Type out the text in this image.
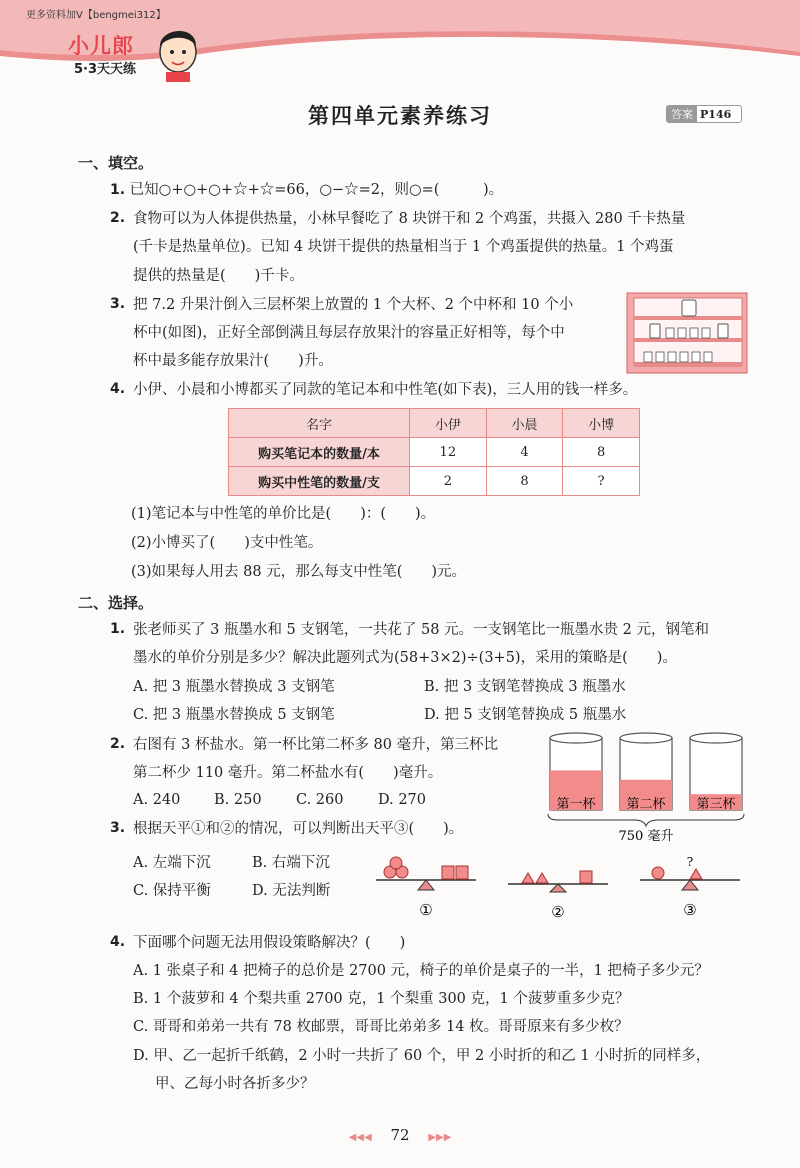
更多资料加V【bengmei312】
小儿郎
5·3天天练
第四单元素养练习	答案 P146
一、填空。
1. 已知○+○+○+☆+☆=66，○−☆=2，则○=(　　　)。
2. 食物可以为人体提供热量，小林早餐吃了 8 块饼干和 2 个鸡蛋，共摄入 280 千卡热量
(千卡是热量单位)。已知 4 块饼干提供的热量相当于 1 个鸡蛋提供的热量。1 个鸡蛋
提供的热量是(　　)千卡。
3. 把 7.2 升果汁倒入三层杯架上放置的 1 个大杯、2 个中杯和 10 个小
杯中(如图)，正好全部倒满且每层存放果汁的容量正好相等，每个中
杯中最多能存放果汁(　　)升。
4. 小伊、小晨和小博都买了同款的笔记本和中性笔(如下表)，三人用的钱一样多。
名字	小伊	小晨	小博
购买笔记本的数量/本	12	4	8
购买中性笔的数量/支	2	8	?
(1)笔记本与中性笔的单价比是(　　)：(　　)。
(2)小博买了(　　)支中性笔。
(3)如果每人用去 88 元，那么每支中性笔(　　)元。
二、选择。
1. 张老师买了 3 瓶墨水和 5 支钢笔，一共花了 58 元。一支钢笔比一瓶墨水贵 2 元，钢笔和
墨水的单价分别是多少？解决此题列式为(58+3×2)÷(3+5)，采用的策略是(　　)。
A. 把 3 瓶墨水替换成 3 支钢笔	B. 把 3 支钢笔替换成 3 瓶墨水
C. 把 3 瓶墨水替换成 5 支钢笔	D. 把 5 支钢笔替换成 5 瓶墨水
2. 右图有 3 杯盐水。第一杯比第二杯多 80 毫升，第三杯比
第二杯少 110 毫升。第二杯盐水有(　　)毫升。
A. 240 B. 250 C. 260 D. 270	第一杯 第二杯 第三杯
750 毫升
3. 根据天平①和②的情况，可以判断出天平③(　　)。
A. 左端下沉	B. 右端下沉
C. 保持平衡	D. 无法判断
①	②
?
③
4. 下面哪个问题无法用假设策略解决？(　　)
A. 1 张桌子和 4 把椅子的总价是 2700 元，椅子的单价是桌子的一半，1 把椅子多少元？
B. 1 个菠萝和 4 个梨共重 2700 克，1 个梨重 300 克，1 个菠萝重多少克？
C. 哥哥和弟弟一共有 78 枚邮票，哥哥比弟弟多 14 枚。哥哥原来有多少枚？
D. 甲、乙一起折千纸鹤，2 小时一共折了 60 个，甲 2 小时折的和乙 1 小时折的同样多，
甲、乙每小时各折多少？
◀◀◀ 72 ▶▶▶
